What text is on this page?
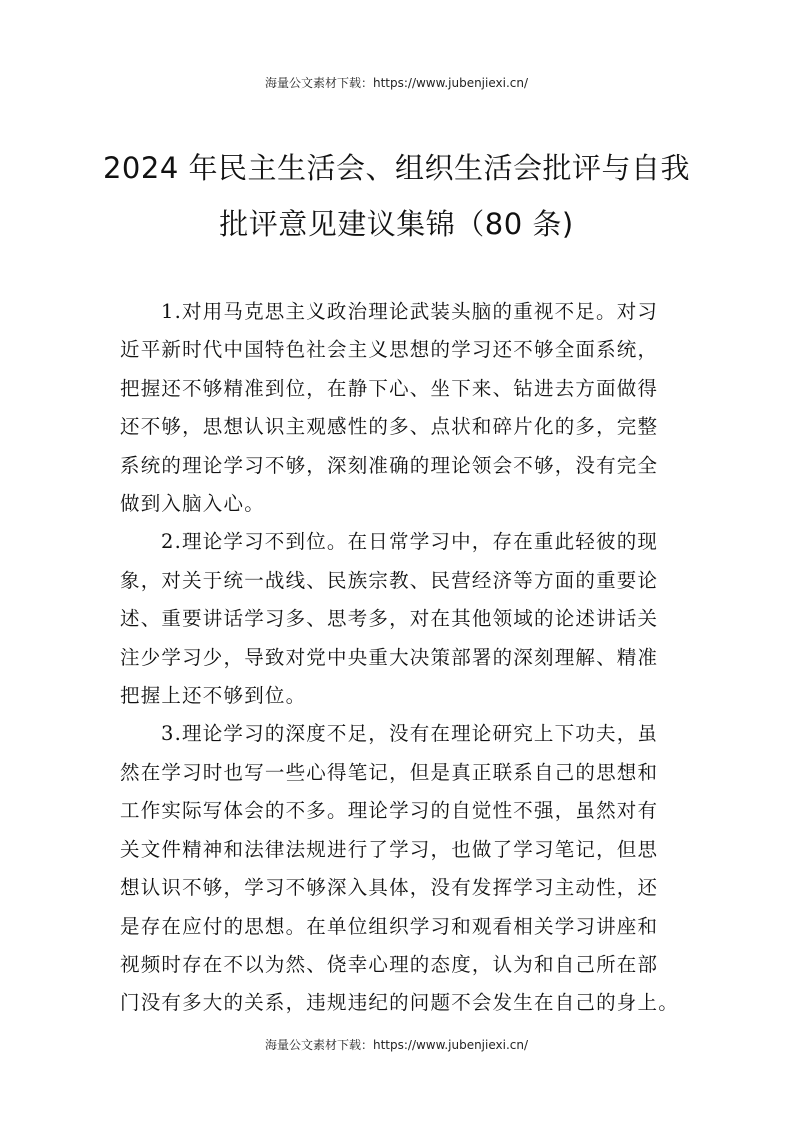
海量公文素材下载：https://www.jubenjiexi.cn/
2024 年民主生活会、组织生活会批评与自我
批评意见建议集锦（80 条)
1.对用马克思主义政治理论武装头脑的重视不足。对习
近平新时代中国特色社会主义思想的学习还不够全面系统，
把握还不够精准到位，在静下心、坐下来、钻进去方面做得
还不够，思想认识主观感性的多、点状和碎片化的多，完整
系统的理论学习不够，深刻准确的理论领会不够，没有完全
做到入脑入心。
2.理论学习不到位。在日常学习中，存在重此轻彼的现
象，对关于统一战线、民族宗教、民营经济等方面的重要论
述、重要讲话学习多、思考多，对在其他领域的论述讲话关
注少学习少，导致对党中央重大决策部署的深刻理解、精准
把握上还不够到位。
3.理论学习的深度不足，没有在理论研究上下功夫，虽
然在学习时也写一些心得笔记，但是真正联系自己的思想和
工作实际写体会的不多。理论学习的自觉性不强，虽然对有
关文件精神和法律法规进行了学习，也做了学习笔记，但思
想认识不够，学习不够深入具体，没有发挥学习主动性，还
是存在应付的思想。在单位组织学习和观看相关学习讲座和
视频时存在不以为然、侥幸心理的态度，认为和自己所在部
门没有多大的关系，违规违纪的问题不会发生在自己的身上。
海量公文素材下载：https://www.jubenjiexi.cn/
